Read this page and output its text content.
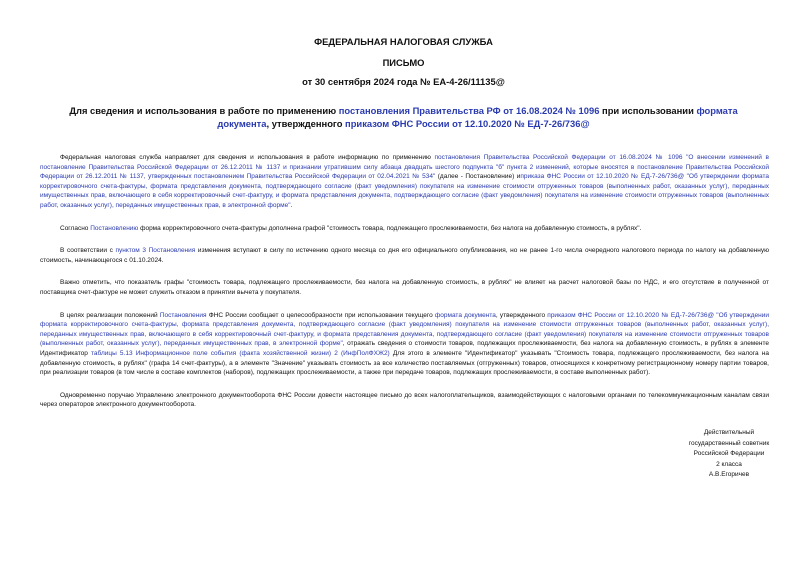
ФЕДЕРАЛЬНАЯ НАЛОГОВАЯ СЛУЖБА
ПИСЬМО
от 30 сентября 2024 года № ЕА-4-26/11135@
Для сведения и использования в работе по применению постановления Правительства РФ от 16.08.2024 № 1096 при использовании формата документа, утвержденного приказом ФНС России от 12.10.2020 № ЕД-7-26/736@

Федеральная налоговая служба направляет для сведения и использования в работе информацию по применению постановления Правительства Российской Федерации от 16.08.2024 № 1096 "О внесении изменений в постановление Правительства Российской Федерации от 26.12.2011 № 1137 и признании утратившим силу абзаца двадцать шестого подпункта "б" пункта 2 изменений, которые вносятся в постановление Правительства Российской Федерации от 26.12.2011 № 1137, утвержденных постановлением Правительства Российской Федерации от 02.04.2021 № 534" (далее - Постановление) иприказа ФНС России от 12.10.2020 № ЕД-7-26/736@ "Об утверждении формата корректировочного счета-фактуры, формата представления документа, подтверждающего согласие (факт уведомления) покупателя на изменение стоимости отгруженных товаров (выполненных работ, оказанных услуг), переданных имущественных прав, включающего в себя корректировочный счет-фактуру, и формата представления документа, подтверждающего согласие (факт уведомления) покупателя на изменение стоимости отгруженных товаров (выполненных работ, оказанных услуг), переданных имущественных прав, в электронной форме".

Согласно Постановлению форма корректировочного счета-фактуры дополнена графой "стоимость товара, подлежащего прослеживаемости, без налога на добавленную стоимость, в рублях".

В соответствии с пунктом 3 Постановления изменения вступают в силу по истечению одного месяца со дня его официального опубликования, но не ранее 1-го числа очередного налогового периода по налогу на добавленную стоимость, начинающегося с 01.10.2024.

Важно отметить, что показатель графы "стоимость товара, подлежащего прослеживаемости, без налога на добавленную стоимость, в рублях" не влияет на расчет налоговой базы по НДС, и его отсутствие в полученной от поставщика счет-фактуре не может служить отказом в принятии вычета у покупателя.

В целях реализации положений Постановления ФНС России сообщает о целесообразности при использовании текущего формата документа, утвержденного приказом ФНС России от 12.10.2020 № ЕД-7-26/736@ "Об утверждении формата корректировочного счета-фактуры, формата представления документа, подтверждающего согласие (факт уведомления) покупателя на изменение стоимости отгруженных товаров (выполненных работ, оказанных услуг), переданных имущественных прав, включающего в себя корректировочный счет-фактуру, и формата представления документа, подтверждающего согласие (факт уведомления) покупателя на изменение стоимости отгруженных товаров (выполненных работ, оказанных услуг), переданных имущественных прав, в электронной форме", отражать сведения о стоимости товаров, подлежащих прослеживаемости, без налога на добавленную стоимость, в рублях в элементе Идентификатор таблицы 5.13 Информационное поле события (факта хозяйственной жизни) 2 (ИнфПолФХЖ2) Для этого в элементе "Идентификатор" указывать "Стоимость товара, подлежащего прослеживаемости, без налога на добавленную стоимость, в рублях" (графа 14 счет-фактуры), а в элементе "Значение" указывать стоимость за все количество поставляемых (отгруженных) товаров, относящихся к конкретному регистрационному номеру партии товаров, при реализации товаров (в том числе в составе комплектов (наборов), подлежащих прослеживаемости, а также при передаче товаров, подлежащих прослеживаемости, в составе выполненных работ).

Одновременно поручаю Управлению электронного документооборота ФНС России довести настоящее письмо до всех налогоплательщиков, взаимодействующих с налоговыми органами по телекоммуникационным каналам связи через операторов электронного документооборота.

Действительный
государственный советник
Российской Федерации
2 класса
А.В.Егоричев
